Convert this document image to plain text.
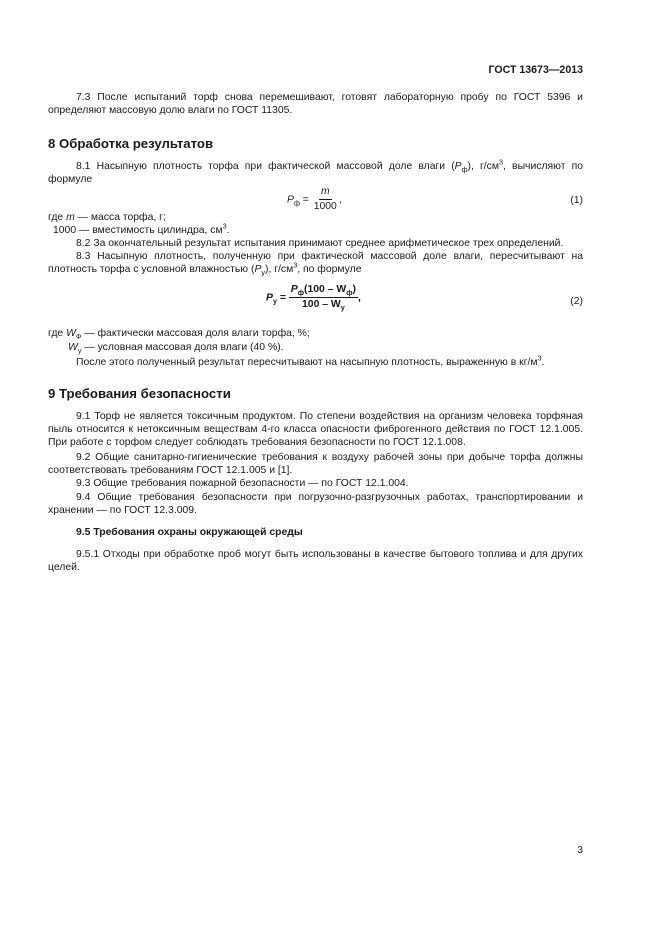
ГОСТ 13673—2013
7.3 После испытаний торф снова перемешивают, готовят лабораторную пробу по ГОСТ 5396 и определяют массовую долю влаги по ГОСТ 11305.
8 Обработка результатов
8.1 Насыпную плотность торфа при фактической массовой доле влаги $(P_ф)$, $г/см^3$, вычисляют по формуле
$P_ф = \frac{m}{1000}$ ,	(1)
где m — масса торфа, г;
1000 — вместимость цилиндра, $см^3$.
8.2 За окончательный результат испытания принимают среднее арифметическое трех определений.
8.3 Насыпную плотность, полученную при фактической массовой доле влаги, пересчитывают на плотность торфа с условной влажностью $(P_у)$, $г/см^3$, по формуле
$P_у = \frac{P_ф(100 - W_ф)}{100 - W_у}$ ,	(2)
где $W_Ф$ — фактически массовая доля влаги торфа, %;
$W_у$ — условная массовая доля влаги (40 %).
После этого полученный результат пересчитывают на насыпную плотность, выраженную в $кг/м^3$.
9 Требования безопасности
9.1 Торф не является токсичным продуктом. По степени воздействия на организм человека торфяная пыль относится к нетоксичным веществам 4-го класса опасности фиброгенного действия по ГОСТ 12.1.005. При работе с торфом следует соблюдать требования безопасности по ГОСТ 12.1.008.
9.2 Общие санитарно-гигиенические требования к воздуху рабочей зоны при добыче торфа должны соответствовать требованиям ГОСТ 12.1.005 и [1].
9.3 Общие требования пожарной безопасности — по ГОСТ 12.1.004.
9.4 Общие требования безопасности при погрузочно-разгрузочных работах, транспортировании и хранении — по ГОСТ 12.3.009.
9.5 Требования охраны окружающей среды
9.5.1 Отходы при обработке проб могут быть использованы в качестве бытового топлива и для других целей.
3
